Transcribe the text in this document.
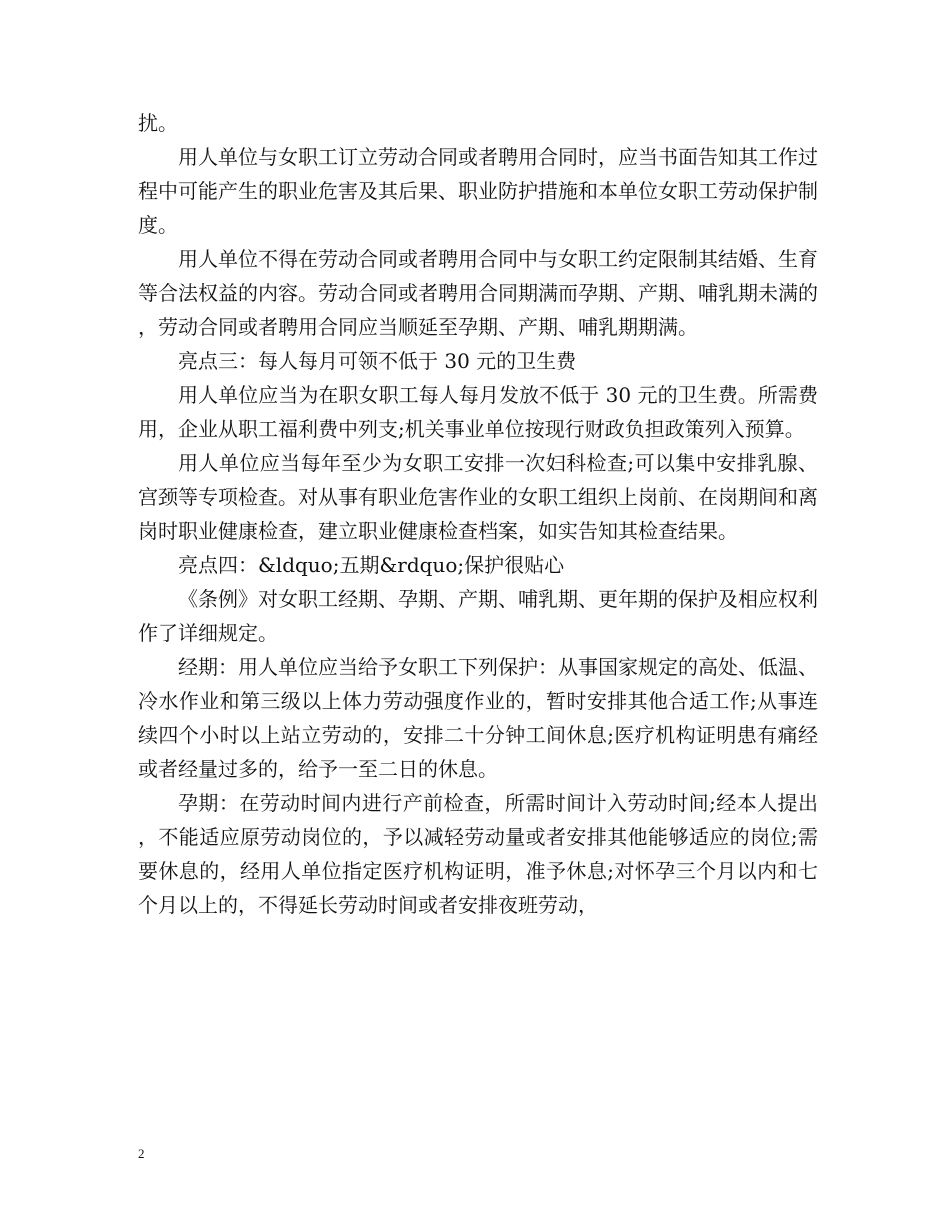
扰。

用人单位与女职工订立劳动合同或者聘用合同时，应当书面告知其工作过程中可能产生的职业危害及其后果、职业防护措施和本单位女职工劳动保护制度。

用人单位不得在劳动合同或者聘用合同中与女职工约定限制其结婚、生育等合法权益的内容。劳动合同或者聘用合同期满而孕期、产期、哺乳期未满的，劳动合同或者聘用合同应当顺延至孕期、产期、哺乳期期满。

亮点三：每人每月可领不低于 30 元的卫生费

用人单位应当为在职女职工每人每月发放不低于 30 元的卫生费。所需费用，企业从职工福利费中列支;机关事业单位按现行财政负担政策列入预算。

用人单位应当每年至少为女职工安排一次妇科检查;可以集中安排乳腺、宫颈等专项检查。对从事有职业危害作业的女职工组织上岗前、在岗期间和离岗时职业健康检查，建立职业健康检查档案，如实告知其检查结果。

亮点四：&ldquo;五期&rdquo;保护很贴心

《条例》对女职工经期、孕期、产期、哺乳期、更年期的保护及相应权利作了详细规定。

经期：用人单位应当给予女职工下列保护：从事国家规定的高处、低温、冷水作业和第三级以上体力劳动强度作业的，暂时安排其他合适工作;从事连续四个小时以上站立劳动的，安排二十分钟工间休息;医疗机构证明患有痛经或者经量过多的，给予一至二日的休息。

孕期：在劳动时间内进行产前检查，所需时间计入劳动时间;经本人提出，不能适应原劳动岗位的，予以减轻劳动量或者安排其他能够适应的岗位;需要休息的，经用人单位指定医疗机构证明，准予休息;对怀孕三个月以内和七个月以上的，不得延长劳动时间或者安排夜班劳动，

2
